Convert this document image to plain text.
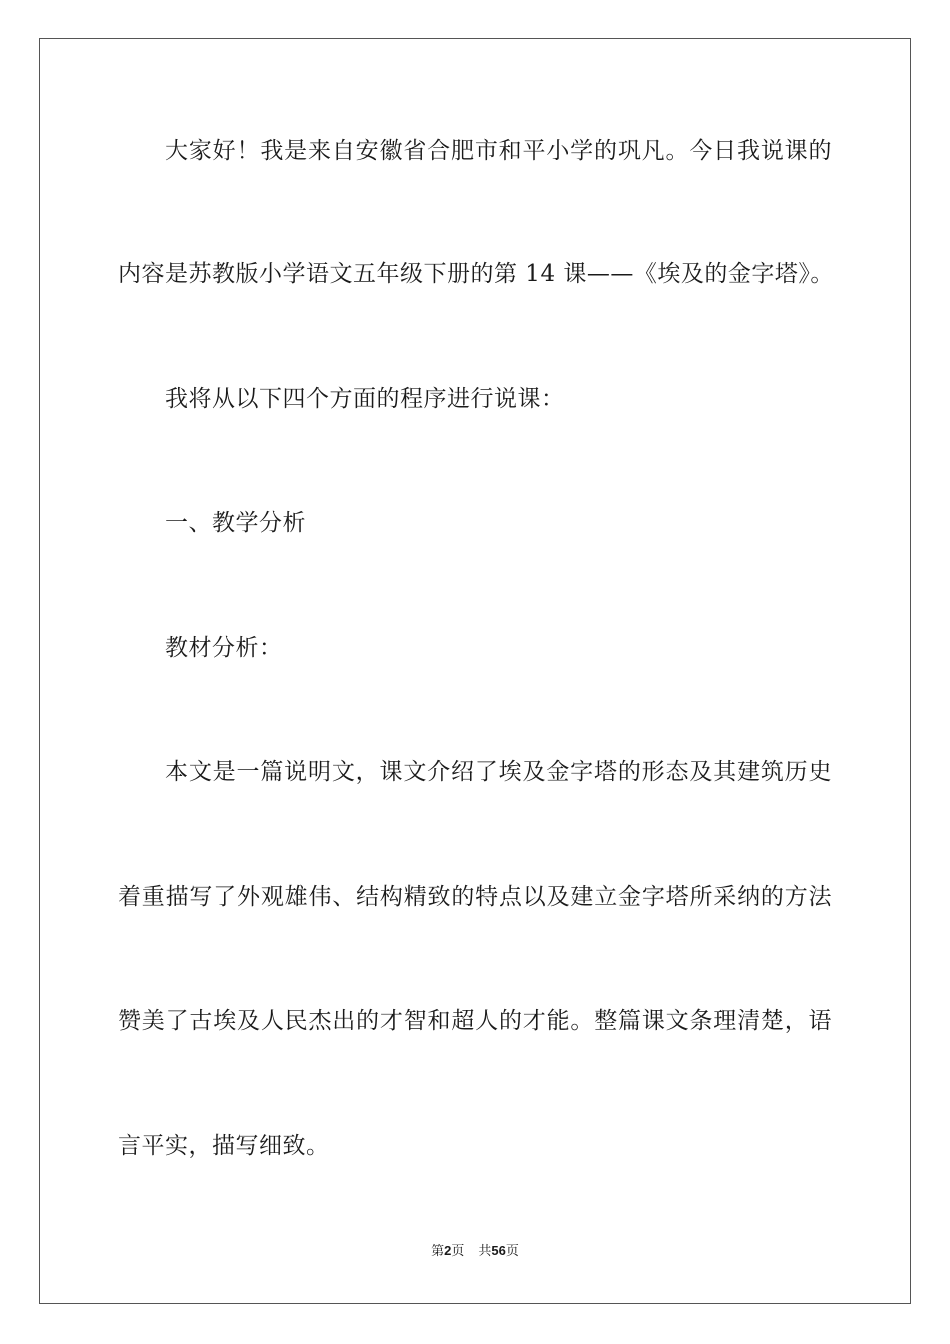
大家好！我是来自安徽省合肥市和平小学的巩凡。今日我说课的
内容是苏教版小学语文五年级下册的第 14 课——《埃及的金字塔》。
我将从以下四个方面的程序进行说课：
一、教学分析
教材分析：
本文是一篇说明文，课文介绍了埃及金字塔的形态及其建筑历史
着重描写了外观雄伟、结构精致的特点以及建立金字塔所采纳的方法
赞美了古埃及人民杰出的才智和超人的才能。整篇课文条理清楚，语
言平实，描写细致。
第2页 共56页
